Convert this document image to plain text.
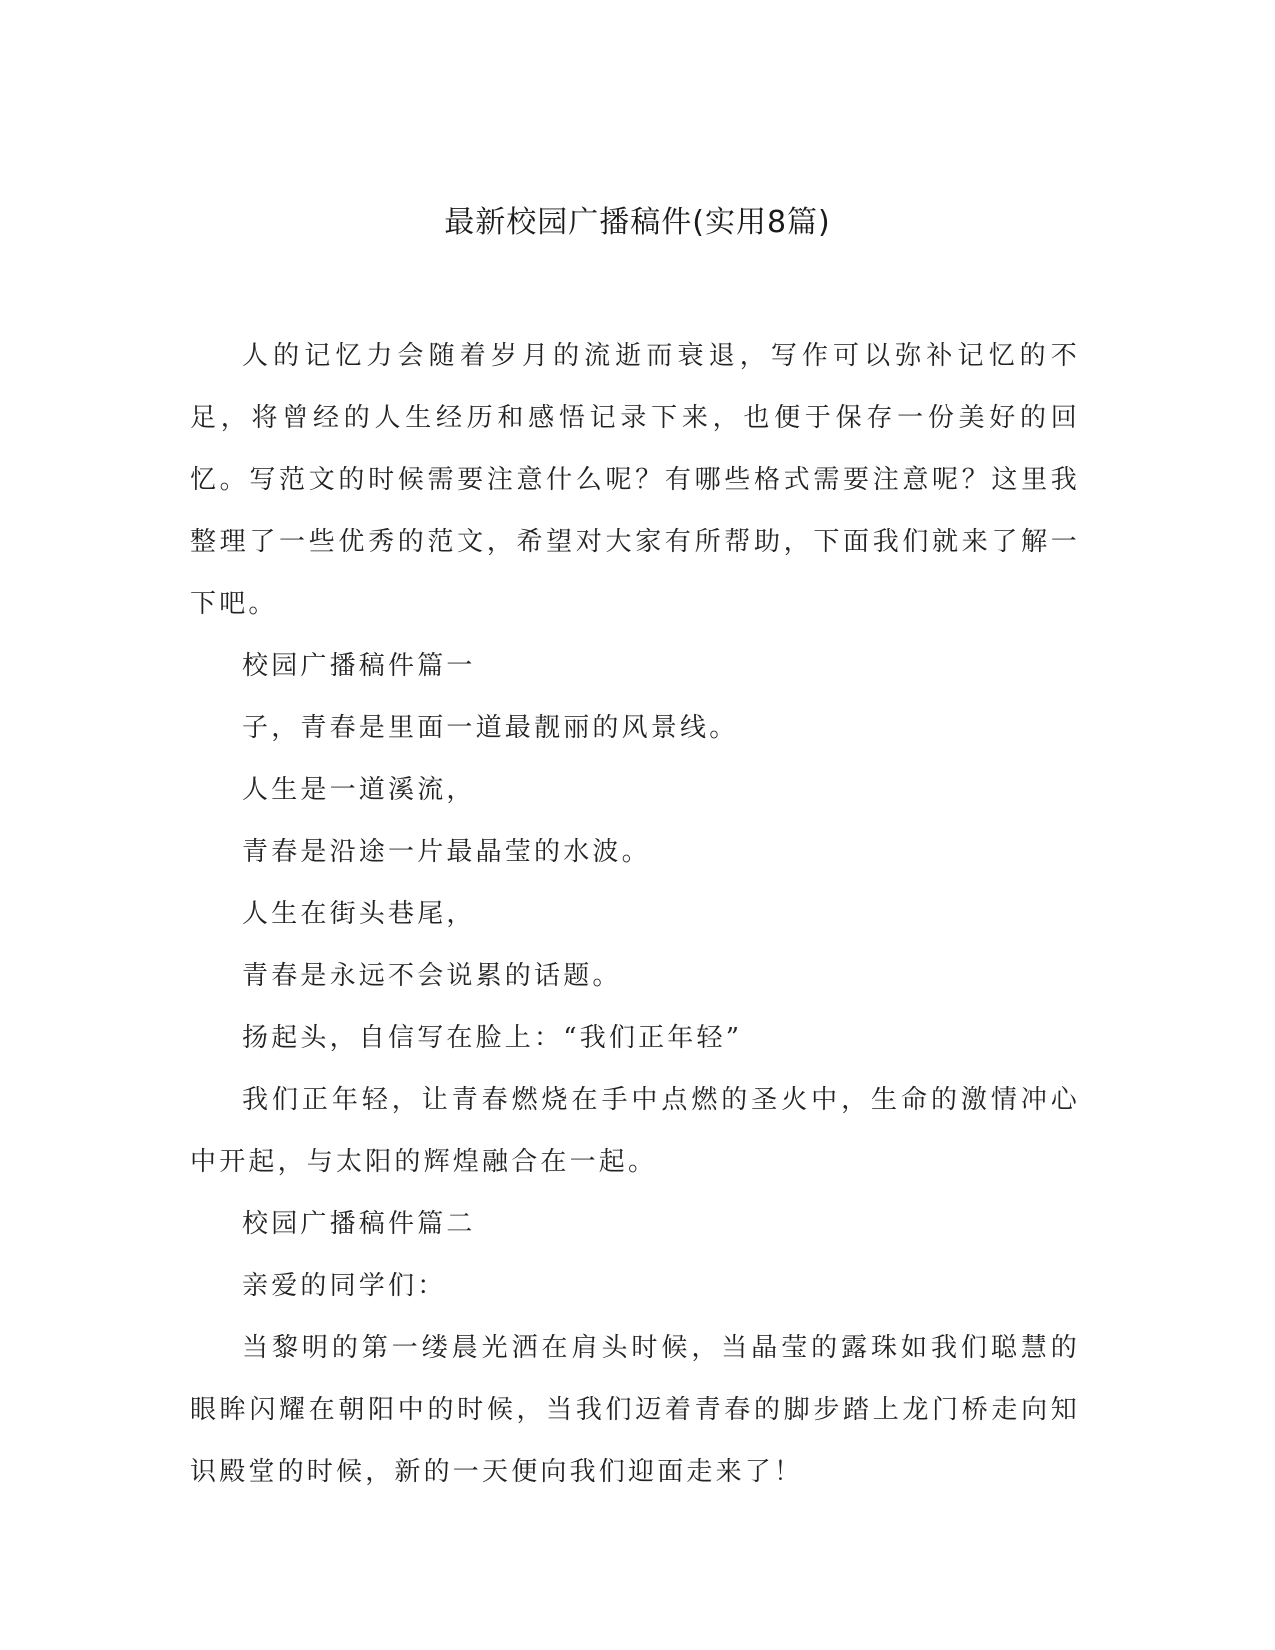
最新校园广播稿件(实用8篇)

人的记忆力会随着岁月的流逝而衰退，写作可以弥补记忆的不足，将曾经的人生经历和感悟记录下来，也便于保存一份美好的回忆。写范文的时候需要注意什么呢？有哪些格式需要注意呢？这里我整理了一些优秀的范文，希望对大家有所帮助，下面我们就来了解一下吧。

校园广播稿件篇一

子，青春是里面一道最靓丽的风景线。

人生是一道溪流，

青春是沿途一片最晶莹的水波。

人生在街头巷尾，

青春是永远不会说累的话题。

扬起头，自信写在脸上：“我们正年轻”

我们正年轻，让青春燃烧在手中点燃的圣火中，生命的激情冲心中开起，与太阳的辉煌融合在一起。

校园广播稿件篇二

亲爱的同学们：

当黎明的第一缕晨光洒在肩头时候，当晶莹的露珠如我们聪慧的眼眸闪耀在朝阳中的时候，当我们迈着青春的脚步踏上龙门桥走向知识殿堂的时候，新的一天便向我们迎面走来了！
